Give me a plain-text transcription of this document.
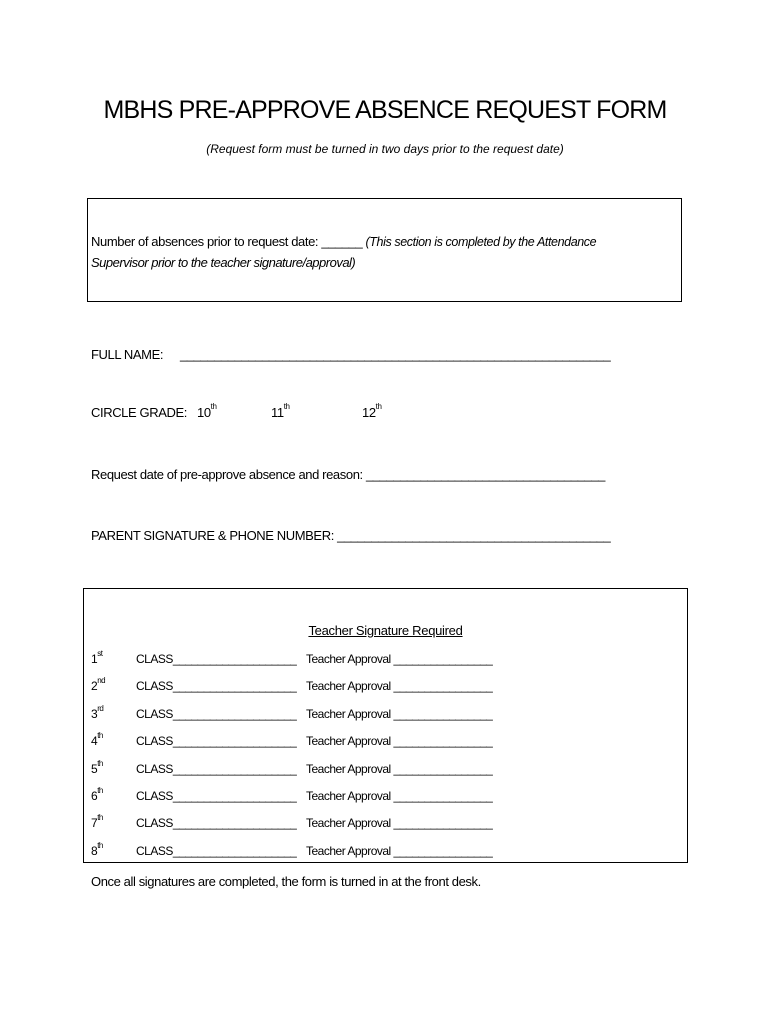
MBHS PRE-APPROVE ABSENCE REQUEST FORM
(Request form must be turned in two days prior to the request date)
Number of absences prior to request date: ______ (This section is completed by the Attendance
Supervisor prior to the teacher signature/approval)
FULL NAME: _______________________________________________________________
CIRCLE GRADE: 10th	11th	12th
Request date of pre-approve absence and reason: ___________________________________
PARENT SIGNATURE & PHONE NUMBER: ________________________________________
Teacher Signature Required
1st	CLASS____________________ Teacher Approval ________________
2nd	CLASS____________________ Teacher Approval ________________
3rd	CLASS____________________ Teacher Approval ________________
4th	CLASS____________________ Teacher Approval ________________
5th	CLASS____________________ Teacher Approval ________________
6th	CLASS____________________ Teacher Approval ________________
7th	CLASS____________________ Teacher Approval ________________
8th	CLASS____________________ Teacher Approval ________________
Once all signatures are completed, the form is turned in at the front desk.
